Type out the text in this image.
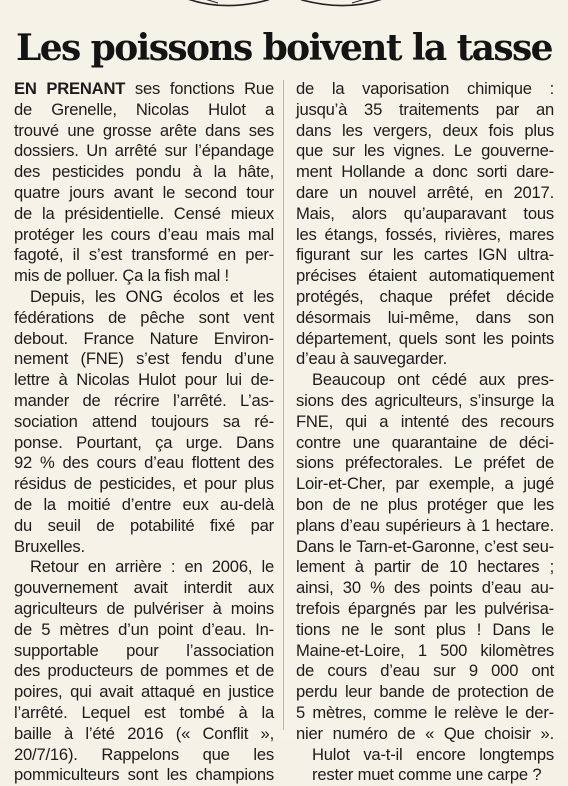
Les poissons boivent la tasse
EN PRENANT ses fonctions Rue
de Grenelle, Nicolas Hulot a
trouvé une grosse arête dans ses
dossiers. Un arrêté sur l’épandage
des pesticides pondu à la hâte,
quatre jours avant le second tour
de la présidentielle. Censé mieux
protéger les cours d’eau mais mal
fagoté, il s’est transformé en per-
mis de polluer. Ça la fish mal !
Depuis, les ONG écolos et les
fédérations de pêche sont vent
debout. France Nature Environ-
nement (FNE) s’est fendu d’une
lettre à Nicolas Hulot pour lui de-
mander de récrire l’arrêté. L’as-
sociation attend toujours sa ré-
ponse. Pourtant, ça urge. Dans
92 % des cours d’eau flottent des
résidus de pesticides, et pour plus
de la moitié d’entre eux au-delà
du seuil de potabilité fixé par
Bruxelles.
Retour en arrière : en 2006, le
gouvernement avait interdit aux
agriculteurs de pulvériser à moins
de 5 mètres d’un point d’eau. In-
supportable pour l’association
des producteurs de pommes et de
poires, qui avait attaqué en justice
l’arrêté. Lequel est tombé à la
baille à l’été 2016 (« Conflit »,
20/7/16). Rappelons que les
pommiculteurs sont les champions
de la vaporisation chimique :
jusqu’à 35 traitements par an
dans les vergers, deux fois plus
que sur les vignes. Le gouverne-
ment Hollande a donc sorti dare-
dare un nouvel arrêté, en 2017.
Mais, alors qu’auparavant tous
les étangs, fossés, rivières, mares
figurant sur les cartes IGN ultra-
précises étaient automatiquement
protégés, chaque préfet décide
désormais lui-même, dans son
département, quels sont les points
d’eau à sauvegarder.
Beaucoup ont cédé aux pres-
sions des agriculteurs, s’insurge la
FNE, qui a intenté des recours
contre une quarantaine de déci-
sions préfectorales. Le préfet de
Loir-et-Cher, par exemple, a jugé
bon de ne plus protéger que les
plans d’eau supérieurs à 1 hectare.
Dans le Tarn-et-Garonne, c’est seu-
lement à partir de 10 hectares ;
ainsi, 30 % des points d’eau au-
trefois épargnés par les pulvérisa-
tions ne le sont plus ! Dans le
Maine-et-Loire, 1 500 kilomètres
de cours d’eau sur 9 000 ont
perdu leur bande de protection de
5 mètres, comme le relève le der-
nier numéro de « Que choisir ».
Hulot va-t-il encore longtemps
rester muet comme une carpe ?
